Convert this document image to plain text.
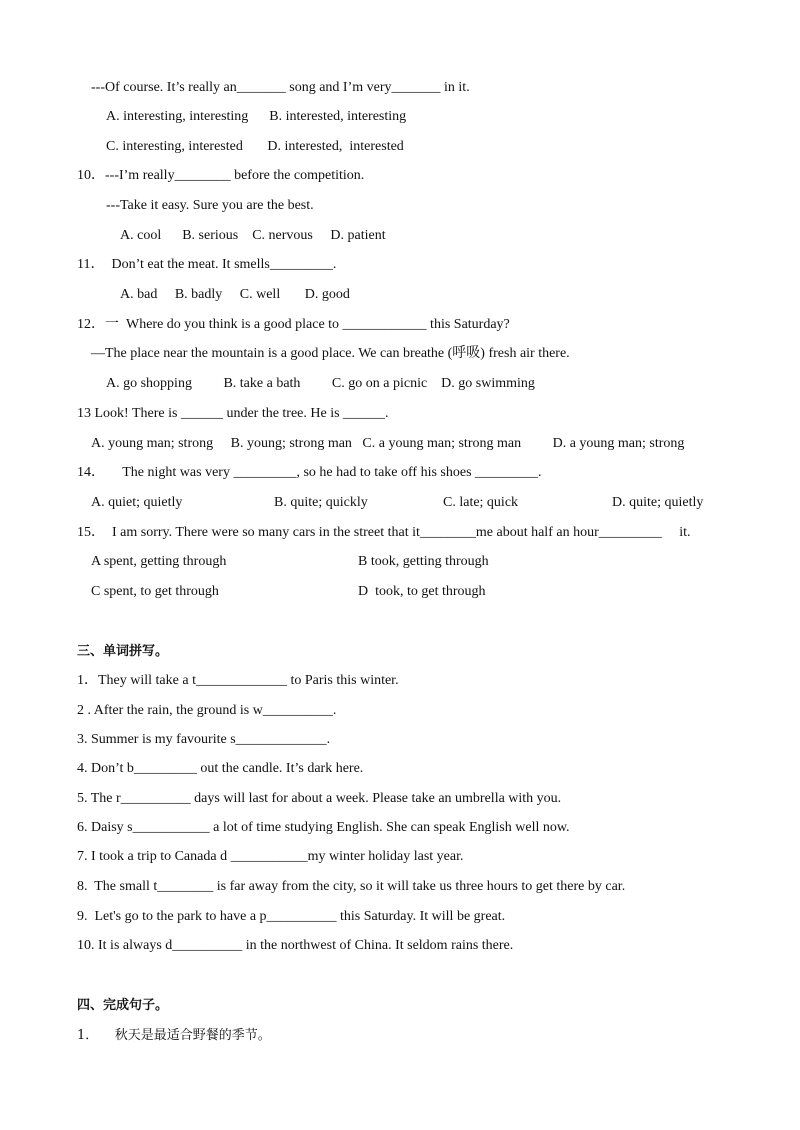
---Of course. It’s really an_______ song and I’m very_______ in it.
A. interesting, interesting      B. interested, interesting
C. interesting, interested       D. interested,  interested
10．---I’m really________ before the competition.
---Take it easy. Sure you are the best.
A. cool      B. serious    C. nervous     D. patient
11．  Don’t eat the meat. It smells_________.
A. bad     B. badly     C. well       D. good
12．一  Where do you think is a good place to ____________ this Saturday?
—The place near the mountain is a good place. We can breathe (呼吸) fresh air there.
A. go shopping         B. take a bath         C. go on a picnic    D. go swimming
13 Look! There is ______ under the tree. He is ______.
A. young man; strong     B. young; strong man   C. a young man; strong man         D. a young man; strong
14．     The night was very _________, so he had to take off his shoes _________.
A. quiet; quietly	B. quite; quickly	C. late; quick	D. quite; quietly
15．  I am sorry. There were so many cars in the street that it________me about half an hour_________     it.
A spent, getting through	B took, getting through
C spent, to get through	D  took, to get through
三、单词拼写。
1．They will take a t_____________ to Paris this winter.
2 . After the rain, the ground is w__________.
3. Summer is my favourite s_____________.
4. Don’t b_________ out the candle. It’s dark here.
5. The r__________ days will last for about a week. Please take an umbrella with you.
6. Daisy s___________ a lot of time studying English. She can speak English well now.
7. I took a trip to Canada d ___________my winter holiday last year.
8.  The small t________ is far away from the city, so it will take us three hours to get there by car.
9.  Let's go to the park to have a p__________ this Saturday. It will be great.
10. It is always d__________ in the northwest of China. It seldom rains there.
四、完成句子。
1．    秋天是最适合野餐的季节。
